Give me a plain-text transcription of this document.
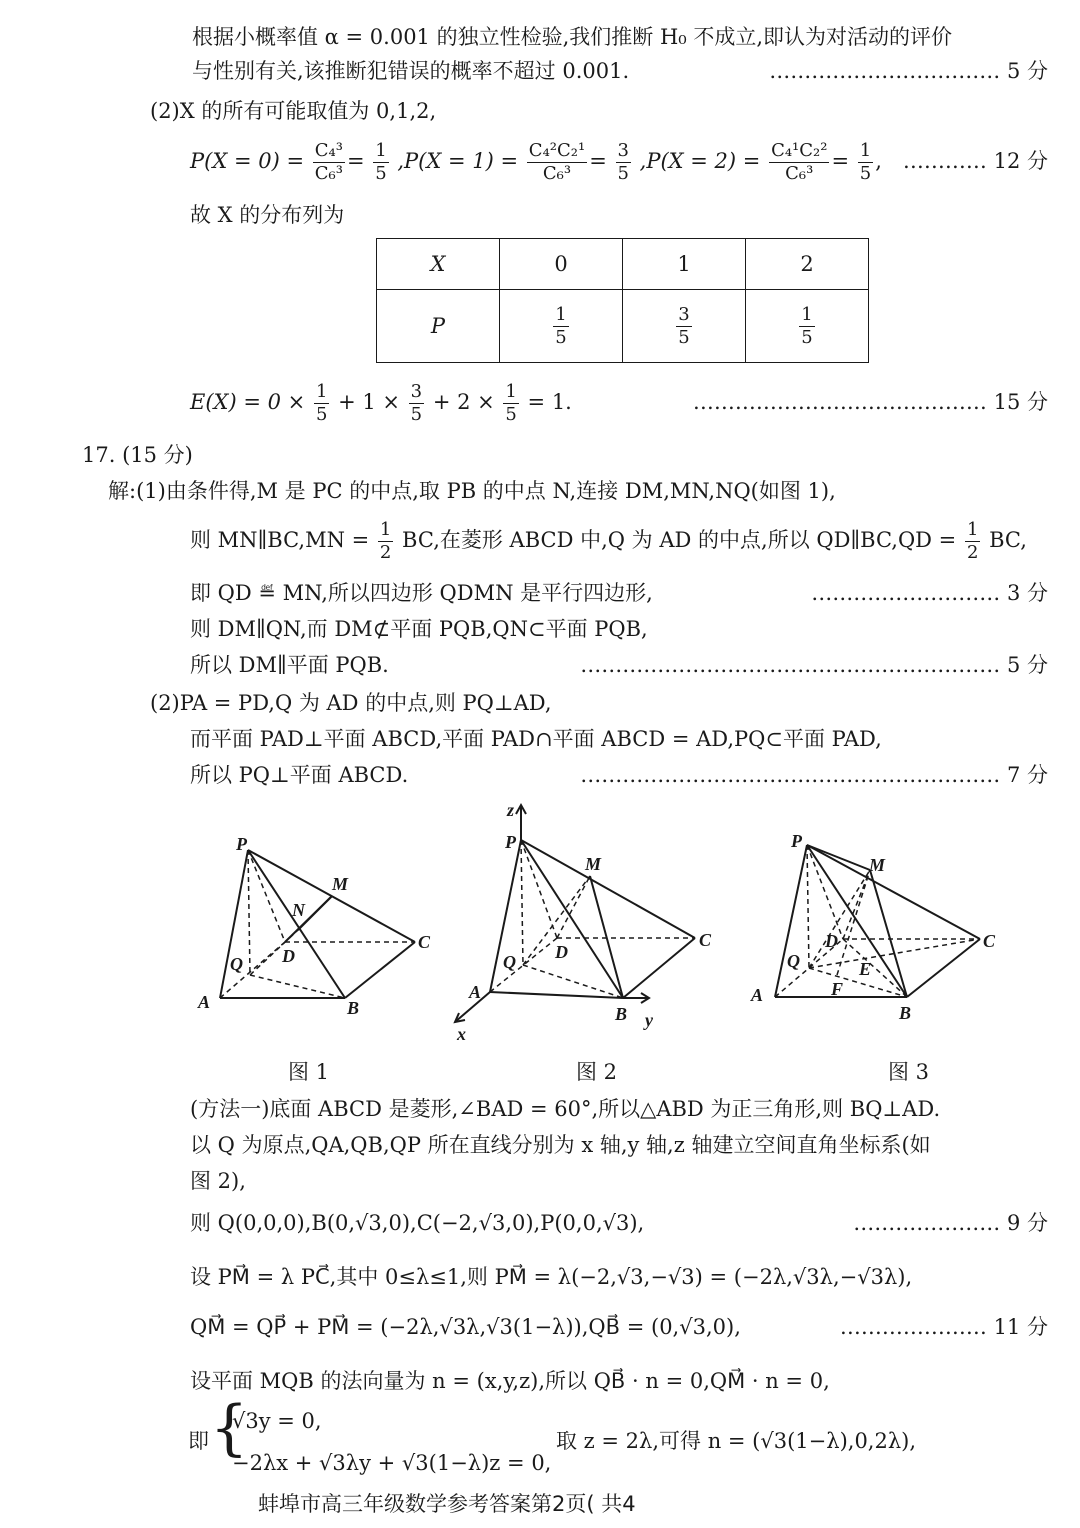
根据小概率值 α = 0.001 的独立性检验,我们推断 H₀ 不成立,即认为对活动的评价
与性别有关,该推断犯错误的概率不超过 0.001.	…………………………… 5 分
(2)X 的所有可能取值为 0,1,2,
$P(X = 0) = \frac{\text{C₄³}}{\text{C₆³}} = \frac{1}{5} ,P(X = 1) = \frac{\text{C₄²C₂¹}}{\text{C₆³}} = \frac{3}{5} ,P(X = 2) = \frac{\text{C₄¹C₂²}}{\text{C₆³}} = \frac{1}{5}$ , ………… 12 分
故 X 的分布列为
X	0	1	2
P	$\frac{1}{5}$	$\frac{3}{5}$	$\frac{1}{5}$
$E(X) = 0 \times \frac{1}{5} + 1 \times \frac{3}{5} + 2 \times \frac{1}{5} = 1$.	…………………………………… 15 分
17. (15 分)
解:(1)由条件得,M 是 PC 的中点,取 PB 的中点 N,连接 DM,MN,NQ(如图 1),
则 MN∥BC,MN = $\frac{1}{2}$ BC,在菱形 ABCD 中,Q 为 AD 的中点,所以 QD∥BC,QD = $\frac{1}{2}$ BC,
即 QD ≝ MN,所以四边形 QDMN 是平行四边形,	……………………… 3 分
则 DM∥QN,而 DM⊄平面 PQB,QN⊂平面 PQB,
所以 DM∥平面 PQB.	…………………………………………………… 5 分
(2)PA = PD,Q 为 AD 的中点,则 PQ⊥AD,
而平面 PAD⊥平面 ABCD,平面 PAD∩平面 ABCD = AD,PQ⊂平面 PAD,
所以 PQ⊥平面 ABCD.	…………………………………………………… 7 分
P
M
N
C
Q D
A	B
图 1
z
P
M
C
Q D
A
B
x
y
图 2
P
M
D	C
Q	E
F
A
B
图 3
(方法一)底面 ABCD 是菱形,∠BAD = 60°,所以△ABD 为正三角形,则 BQ⊥AD.
以 Q 为原点,QA,QB,QP 所在直线分别为 x 轴,y 轴,z 轴建立空间直角坐标系(如
图 2),
则 Q(0,0,0),B(0,√3,0),C(−2,√3,0),P(0,0,√3),	………………… 9 分
设 PM⃗ = λ PC⃗,其中 0≤λ≤1,则 PM⃗ = λ(−2,√3,−√3) = (−2λ,√3λ,−√3λ),
QM⃗ = QP⃗ + PM⃗ = (−2λ,√3λ,√3(1−λ)),QB⃗ = (0,√3,0),	………………… 11 分
设平面 MQB 的法向量为 n = (x,y,z),所以 QB⃗ · n = 0,QM⃗ · n = 0,
即 {
√3y = 0,
−2λx + √3λy + √3(1−λ)z = 0,
取 z = 2λ,可得 n = (√3(1−λ),0,2λ),
蚌埠市高三年级数学参考答案第2页( 共4
